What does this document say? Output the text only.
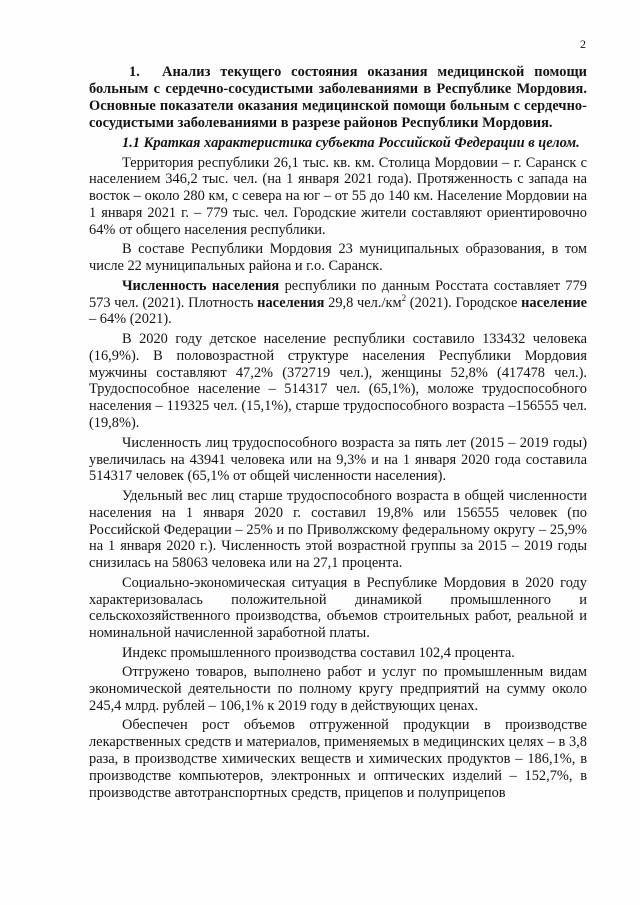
2

1. Анализ текущего состояния оказания медицинской помощи больным с сердечно-сосудистыми заболеваниями в Республике Мордовия. Основные показатели оказания медицинской помощи больным с сердечно-сосудистыми заболеваниями в разрезе районов Республики Мордовия.

1.1 Краткая характеристика субъекта Российской Федерации в целом.

Территория республики 26,1 тыс. кв. км. Столица Мордовии – г. Саранск с населением 346,2 тыс. чел. (на 1 января 2021 года). Протяженность с запада на восток – около 280 км, с севера на юг – от 55 до 140 км. Население Мордовии на 1 января 2021 г. – 779 тыс. чел. Городские жители составляют ориентировочно 64% от общего населения республики.

В составе Республики Мордовия 23 муниципальных образования, в том числе 22 муниципальных района и г.о. Саранск.

Численность населения республики по данным Росстата составляет 779 573 чел. (2021). Плотность населения 29,8 $чел./км^2$ (2021). Городское население – 64% (2021).

В 2020 году детское население республики составило 133432 человека (16,9%). В половозрастной структуре населения Республики Мордовия мужчины составляют 47,2% (372719 чел.), женщины 52,8% (417478 чел.). Трудоспособное население – 514317 чел. (65,1%), моложе трудоспособного населения – 119325 чел. (15,1%), старше трудоспособного возраста –156555 чел. (19,8%).

Численность лиц трудоспособного возраста за пять лет (2015 – 2019 годы) увеличилась на 43941 человека или на 9,3% и на 1 января 2020 года составила 514317 человек (65,1% от общей численности населения).

Удельный вес лиц старше трудоспособного возраста в общей численности населения на 1 января 2020 г. составил 19,8% или 156555 человек (по Российской Федерации – 25% и по Приволжскому федеральному округу – 25,9% на 1 января 2020 г.). Численность этой возрастной группы за 2015 – 2019 годы снизилась на 58063 человека или на 27,1 процента.

Социально-экономическая ситуация в Республике Мордовия в 2020 году характеризовалась положительной динамикой промышленного и сельскохозяйственного производства, объемов строительных работ, реальной и номинальной начисленной заработной платы.

Индекс промышленного производства составил 102,4 процента.

Отгружено товаров, выполнено работ и услуг по промышленным видам экономической деятельности по полному кругу предприятий на сумму около 245,4 млрд. рублей – 106,1% к 2019 году в действующих ценах.

Обеспечен рост объемов отгруженной продукции в производстве лекарственных средств и материалов, применяемых в медицинских целях – в 3,8 раза, в производстве химических веществ и химических продуктов – 186,1%, в производстве компьютеров, электронных и оптических изделий – 152,7%, в производстве автотранспортных средств, прицепов и полуприцепов
